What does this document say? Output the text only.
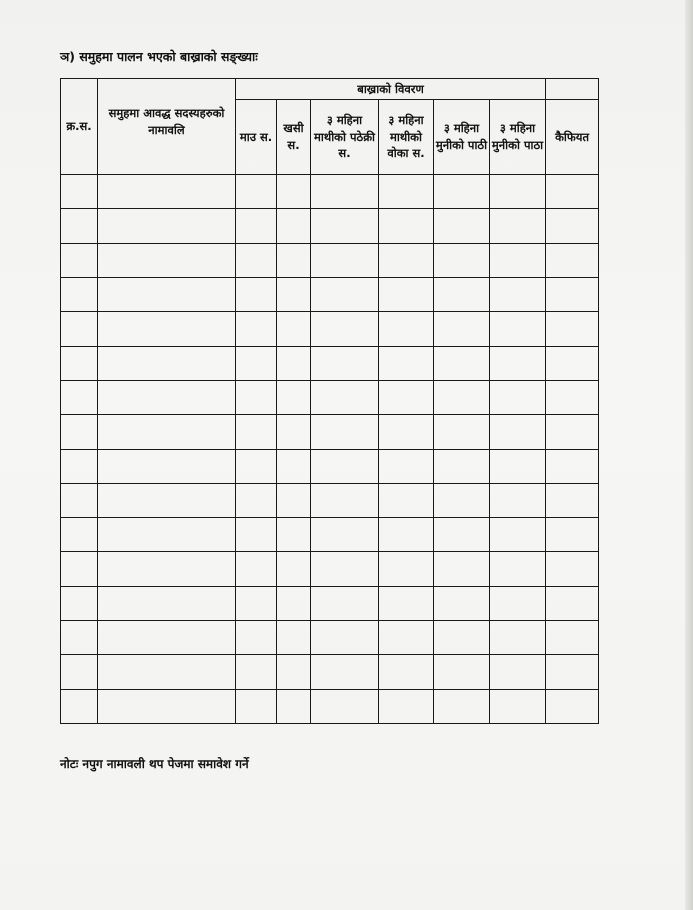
ञ) समुहमा पालन भएको बाख्राको सङ्ख्याः
क्र.स.	समुहमा आवद्ध सदस्यहरुको नामावलि	बाख्राको विवरण						
		माउ स.	खसी स.	३ महिना माथीको पठेक्री स.	३ महिना माथीको वोका स.	३ महिना मुनीको पाठी	३ महिना मुनीको पाठा	कैफियत

नोटः नपुग नामावली थप पेजमा समावेश गर्ने
